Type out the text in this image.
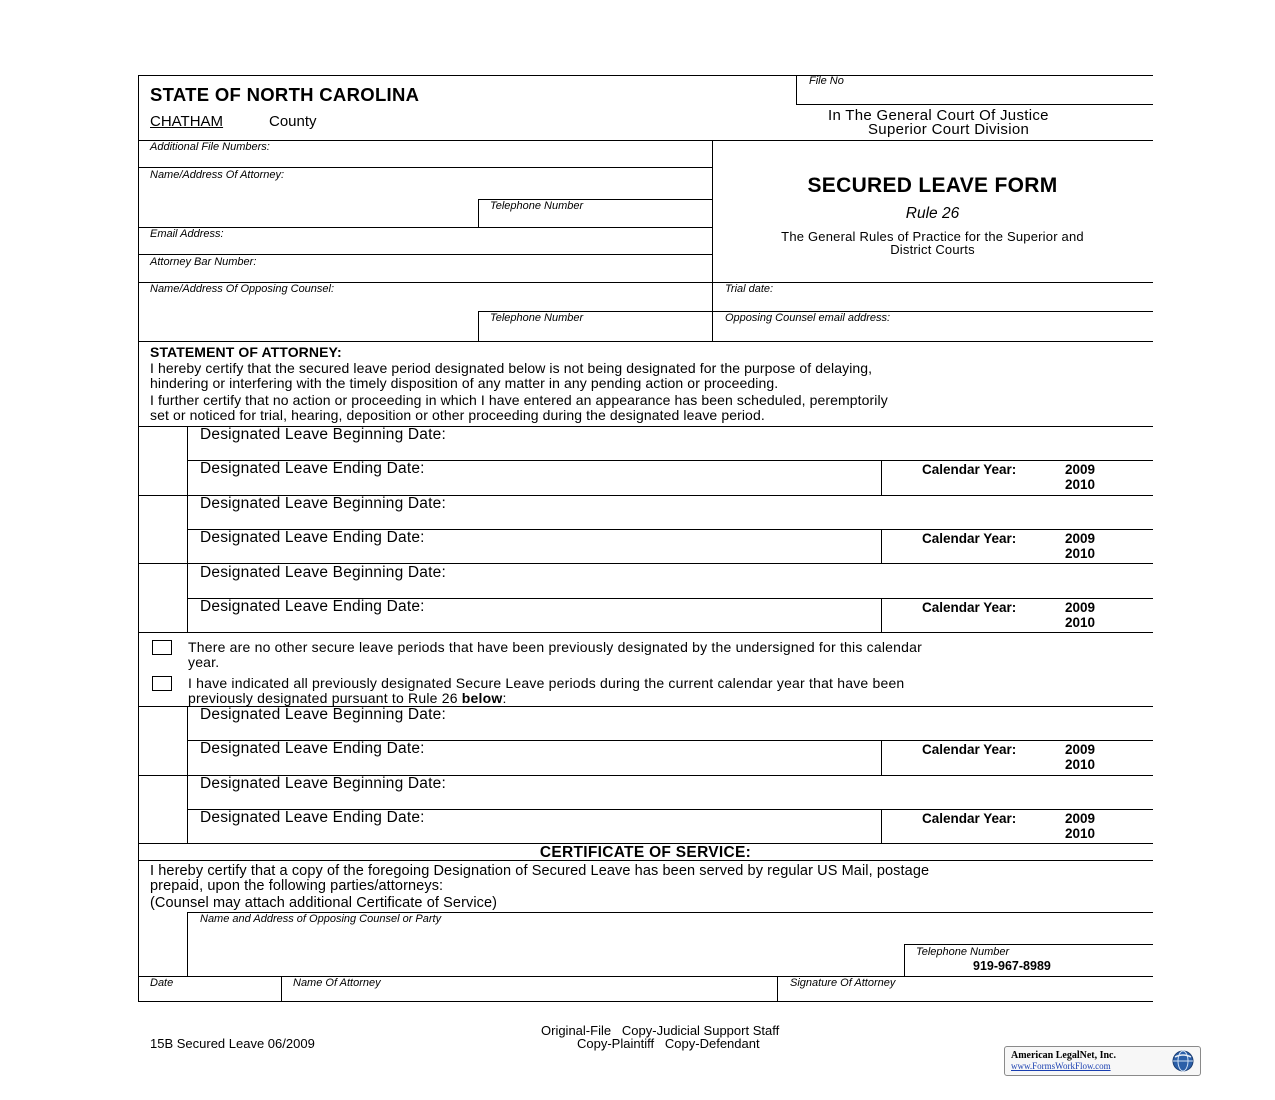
STATE OF NORTH CAROLINA
CHATHAM	County
File No
In The General Court Of Justice
Superior Court Division
Additional File Numbers:
Name/Address Of Attorney:
Telephone Number
Email Address:
Attorney Bar Number:
Name/Address Of Opposing Counsel:
Telephone Number
Trial date:
Opposing Counsel email address:
SECURED LEAVE FORM
Rule 26
The General Rules of Practice for the Superior and
District Courts
STATEMENT OF ATTORNEY:
I hereby certify that the secured leave period designated below is not being designated for the purpose of delaying,
hindering or interfering with the timely disposition of any matter in any pending action or proceeding.
I further certify that no action or proceeding in which I have entered an appearance has been scheduled, peremptorily
set or noticed for trial, hearing, deposition or other proceeding during the designated leave period.
Designated Leave Beginning Date:
Designated Leave Ending Date:	Calendar Year:	2009
2010
Designated Leave Beginning Date:
Designated Leave Ending Date:	Calendar Year:	2009
2010
Designated Leave Beginning Date:
Designated Leave Ending Date:	Calendar Year:	2009
2010
There are no other secure leave periods that have been previously designated by the undersigned for this calendar
year.
I have indicated all previously designated Secure Leave periods during the current calendar year that have been
previously designated pursuant to Rule 26 below:
Designated Leave Beginning Date:
Designated Leave Ending Date:	Calendar Year:	2009
2010
Designated Leave Beginning Date:
Designated Leave Ending Date:	Calendar Year:	2009
2010
CERTIFICATE OF SERVICE:
I hereby certify that a copy of the foregoing Designation of Secured Leave has been served by regular US Mail, postage
prepaid, upon the following parties/attorneys:
(Counsel may attach additional Certificate of Service)
Name and Address of Opposing Counsel or Party
Telephone Number
919-967-8989
Date	Name Of Attorney	Signature Of Attorney
15B Secured Leave 06/2009
Original-File   Copy-Judicial Support Staff
Copy-Plaintiff   Copy-Defendant
American LegalNet, Inc.
www.FormsWorkFlow.com
